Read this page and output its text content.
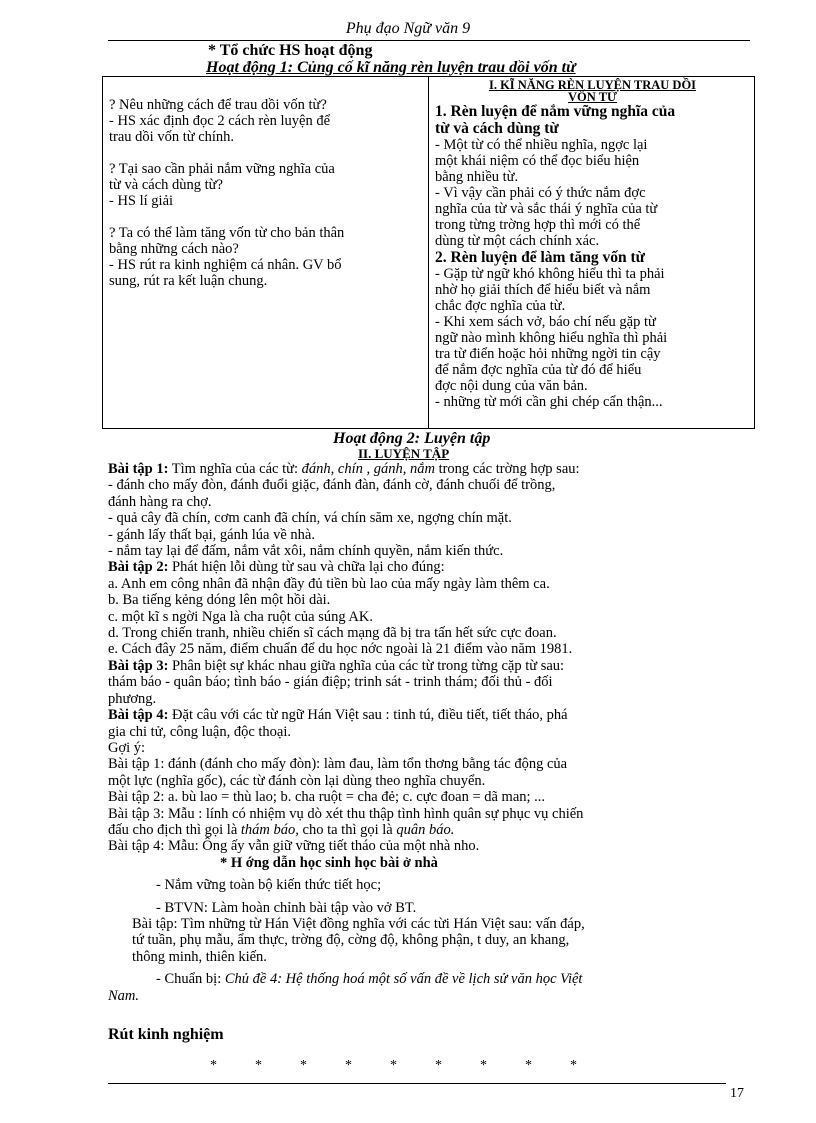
Phụ đạo Ngữ văn 9
* Tổ chức HS hoạt động
Hoạt động 1: Củng cố kĩ năng rèn luyện trau dồi vốn từ

? Nêu những cách để trau dồi vốn từ?

- HS xác định đọc 2 cách rèn luyện để

trau dồi vốn từ chính.

? Tại sao cần phải nắm vững nghĩa của

từ và cách dùng từ?

- HS lí giải

? Ta có thể làm tăng vốn từ cho bản thân

bằng những cách nào?

- HS rút ra kinh nghiệm cá nhân. GV bổ

sung, rút ra kết luận chung.

I. KĨ NĂNG RÈN LUYỆN TRAU DỒI

VỐN TỪ

1. Rèn luyện để nắm vững nghĩa của

từ và cách dùng từ

- Một từ có thể nhiều nghĩa, ngợc lại

một khái niệm có thể đọc biểu hiện

bằng nhiều từ.

- Vì vậy cần phải có ý thức nắm đợc

nghĩa của từ và sắc thái ý nghĩa của từ

trong từng trờng hợp thì mới có thể

dùng từ một cách chính xác.

2. Rèn luyện để làm tăng vốn từ

- Gặp từ ngữ khó không hiểu thì ta phải

nhờ họ giải thích để hiểu biết và nắm

chắc đợc nghĩa của từ.

- Khi xem sách vở, báo chí nếu gặp từ

ngữ nào mình không hiểu nghĩa thì phải

tra từ điển hoặc hỏi những ngời tin cậy

để nắm đợc nghĩa của từ đó để hiểu

đợc nội dung của văn bản.

- những từ mới cần ghi chép cẩn thận...

Hoạt động 2: Luyện tập
II. LUYỆN TẬP

Bài tập 1: Tìm nghĩa của các từ: đánh, chín , gánh, nắm trong các trờng hợp sau:

- đánh cho mấy đòn, đánh đuổi giặc, đánh đàn, đánh cờ, đánh chuối để trồng,

đánh hàng ra chợ.

- quả cây đã chín, cơm canh đã chín, vá chín săm xe, ngợng chín mặt.

- gánh lấy thất bại, gánh lúa về nhà.

- nắm tay lại để đấm, nắm vắt xôi, nắm chính quyền, nắm kiến thức.

Bài tập 2: Phát hiện lỗi dùng từ sau và chữa lại cho đúng:

a. Anh em công nhân đã nhận đầy đủ tiền bù lao của mấy ngày làm thêm ca.

b. Ba tiếng kẻng dóng lên một hồi dài.

c. một kĩ s ngời Nga là cha ruột của súng AK.

d. Trong chiến tranh, nhiều chiến sĩ cách mạng đã bị tra tấn hết sức cực đoan.

e. Cách đây 25 năm, điểm chuẩn để du học nớc ngoài là 21 điểm vào năm 1981.

Bài tập 3: Phân biệt sự khác nhau giữa nghĩa của các từ trong từng cặp từ sau:

thám báo - quân báo; tình báo - gián điệp; trinh sát - trinh thám; đối thủ - đối

phương.

Bài tập 4: Đặt câu với các từ ngữ Hán Việt sau : tinh tú, điều tiết, tiết tháo, phá

gia chi tử, công luận, độc thoại.

Gợi ý:

Bài tập 1: đánh (đánh cho mấy đòn): làm đau, làm tổn thơng bằng tác động của

một lực (nghĩa gốc), các từ đánh còn lại dùng theo nghĩa chuyển.

Bài tập 2: a. bù lao = thù lao; b. cha ruột = cha đẻ; c. cực đoan = dã man; ...

Bài tập 3: Mẫu : lính có nhiệm vụ dò xét thu thập tình hình quân sự phục vụ chiến

đấu cho địch thì gọi là thám báo, cho ta thì gọi là quân báo.

Bài tập 4: Mẫu: Ông ấy vẫn giữ vững tiết tháo của một nhà nho.

* H ớng dẫn học sinh học bài ở nhà

- Nắm vững toàn bộ kiến thức tiết học;

- BTVN: Làm hoàn chỉnh bài tập vào vở BT.

Bài tập: Tìm những từ Hán Việt đồng nghĩa với các từi Hán Việt sau: vấn đáp,

tứ tuần, phụ mẫu, ẩm thực, trờng độ, cờng độ, không phận, t duy, an khang,

thông minh, thiên kiến.

- Chuẩn bị: Chủ đề 4: Hệ thống hoá một số vấn đề về lịch sử văn học Việt

Nam.

Rút kinh nghiệm
*	*	*	*	*	*	*	*	*
17
